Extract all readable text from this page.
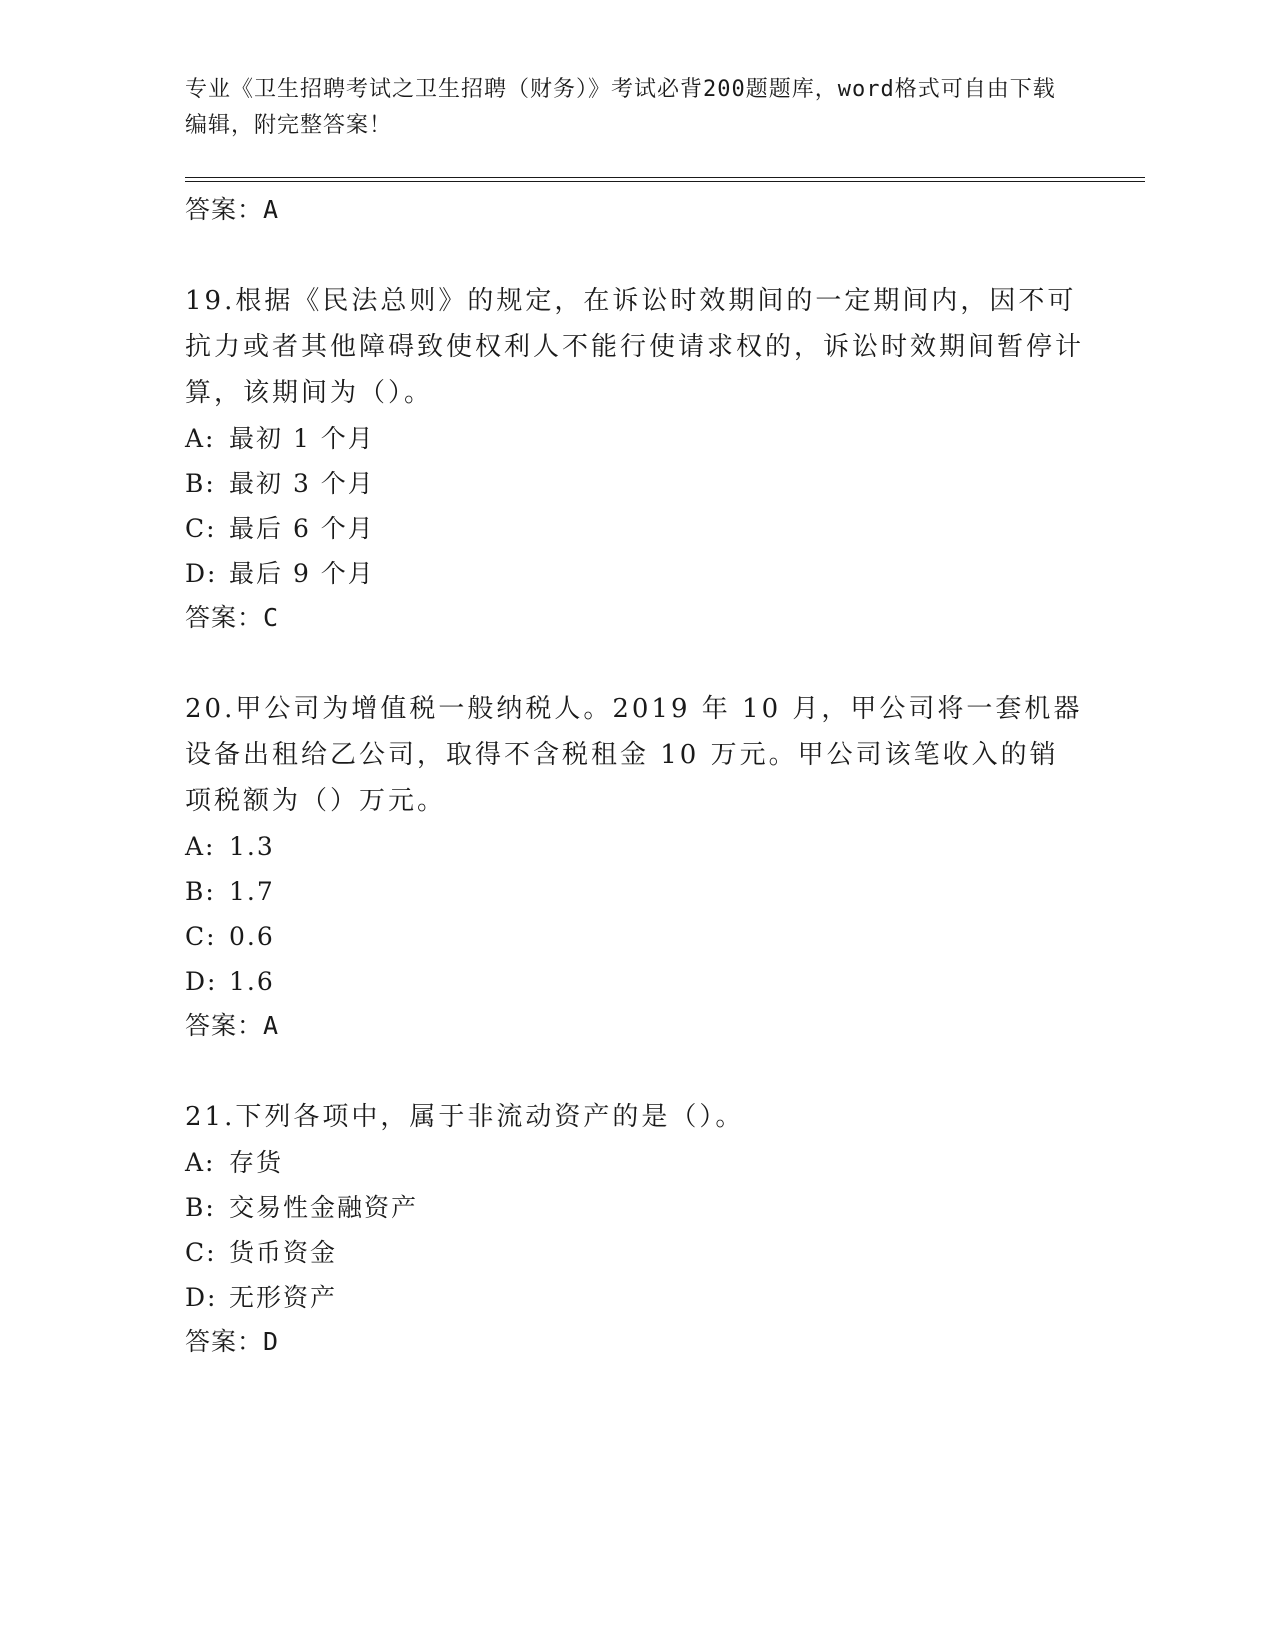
专业《卫生招聘考试之卫生招聘（财务）》考试必背200题题库，word格式可自由下载编辑，附完整答案！
答案：A
19.根据《民法总则》的规定，在诉讼时效期间的一定期间内，因不可抗力或者其他障碍致使权利人不能行使请求权的，诉讼时效期间暂停计算，该期间为（）。
A: 最初 1 个月
B: 最初 3 个月
C: 最后 6 个月
D: 最后 9 个月
答案：C
20.甲公司为增值税一般纳税人。2019 年 10 月，甲公司将一套机器设备出租给乙公司，取得不含税租金 10 万元。甲公司该笔收入的销项税额为（）万元。
A: 1.3
B: 1.7
C: 0.6
D: 1.6
答案：A
21.下列各项中，属于非流动资产的是（）。
A: 存货
B: 交易性金融资产
C: 货币资金
D: 无形资产
答案：D
